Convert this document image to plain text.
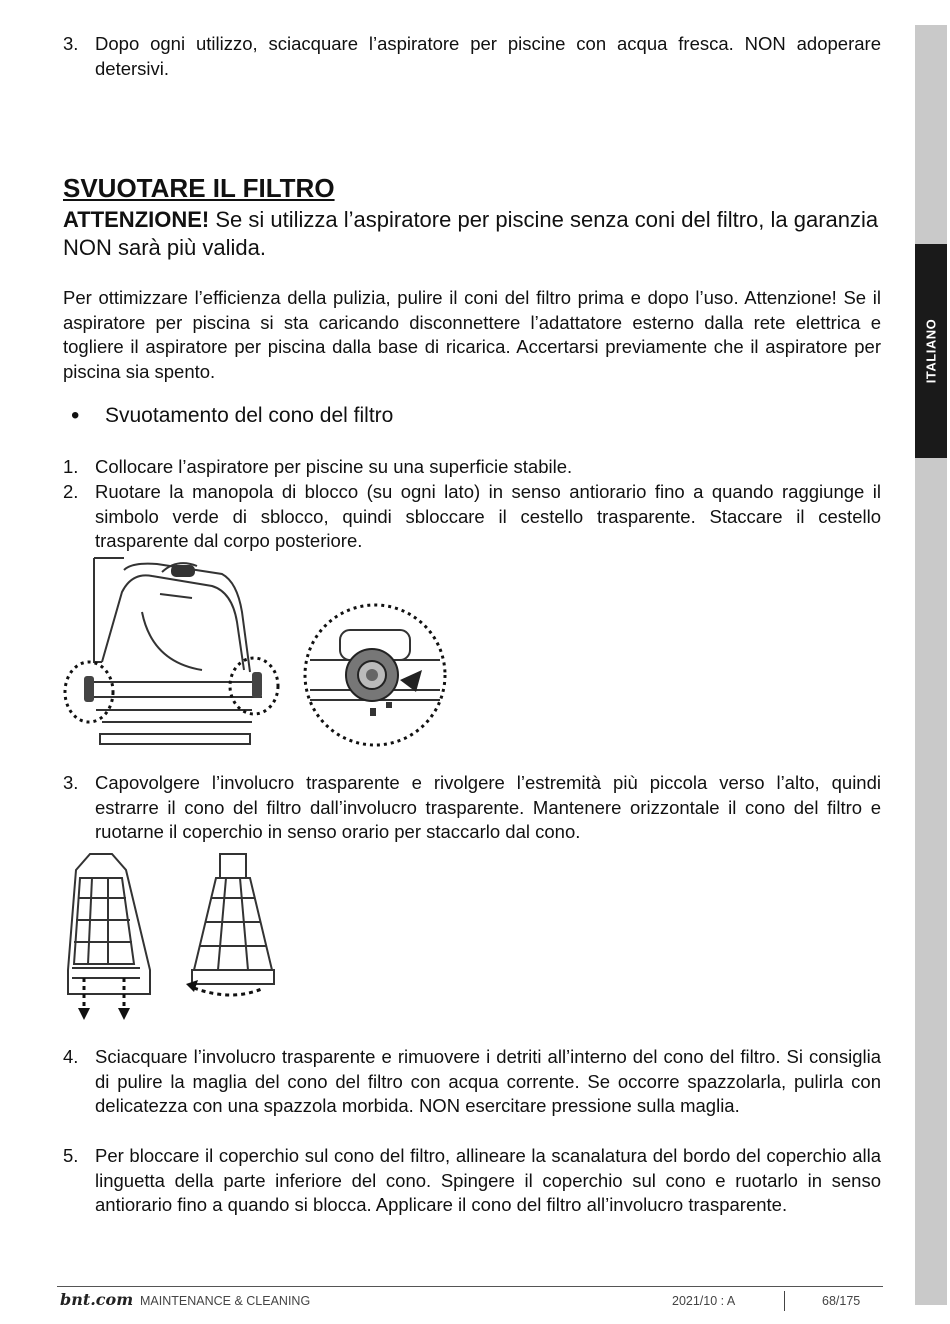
ITALIANO
3. Dopo ogni utilizzo, sciacquare l’aspiratore per piscine con acqua fresca. NON adoperare detersivi.
SVUOTARE IL FILTRO
ATTENZIONE! Se si utilizza l’aspiratore per piscine senza coni del filtro, la garanzia NON sarà più valida.
Per ottimizzare l’efficienza della pulizia, pulire il coni del filtro prima e dopo l’uso. Attenzione! Se il aspiratore per piscina si sta caricando disconnettere l’adattatore esterno dalla rete elettrica e togliere il aspiratore per piscina dalla base di ricarica. Accertarsi previamente che il aspiratore per piscina sia spento.
• Svuotamento del cono del filtro
1. Collocare l’aspiratore per piscine su una superficie stabile.
2. Ruotare la manopola di blocco (su ogni lato) in senso antiorario fino a quando raggiunge il simbolo verde di sblocco, quindi sbloccare il cestello trasparente. Staccare il cestello trasparente dal corpo posteriore.
3. Capovolgere l’involucro trasparente e rivolgere l’estremità più piccola verso l’alto, quindi estrarre il cono del filtro dall’involucro trasparente. Mantenere orizzontale il cono del filtro e ruotarne il coperchio in senso orario per staccarlo dal cono.
4. Sciacquare l’involucro trasparente e rimuovere i detriti all’interno del cono del filtro. Si consiglia di pulire la maglia del cono del filtro con acqua corrente. Se occorre spazzolarla, pulirla con delicatezza con una spazzola morbida. NON esercitare pressione sulla maglia.
5. Per bloccare il coperchio sul cono del filtro, allineare la scanalatura del bordo del coperchio alla linguetta della parte inferiore del cono. Spingere il coperchio sul cono e ruotarlo in senso antiorario fino a quando si blocca. Applicare il cono del filtro all’involucro trasparente.
bnt.com MAINTENANCE & CLEANING	2021/10 : A	68/175
